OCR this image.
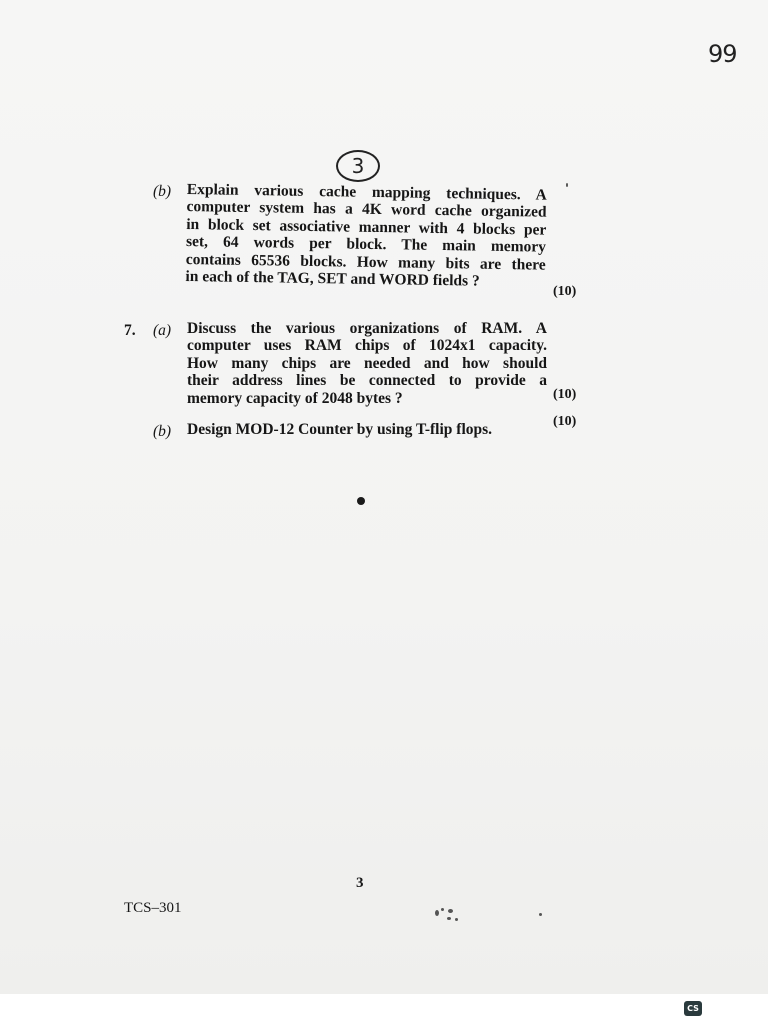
99
3
(b) Explain various cache mapping techniques. A
computer system has a 4K word cache organized
in block set associative manner with 4 blocks per
set, 64 words per block. The main memory
contains 65536 blocks. How many bits are there
in each of the TAG, SET and WORD fields ?
(10)
7. (a) Discuss the various organizations of RAM. A
computer uses RAM chips of 1024x1 capacity.
How many chips are needed and how should
their address lines be connected to provide a
memory capacity of 2048 bytes ?	(10)
(b) Design MOD-12 Counter by using T-flip flops.	(10)
3
TCS–301
CS
